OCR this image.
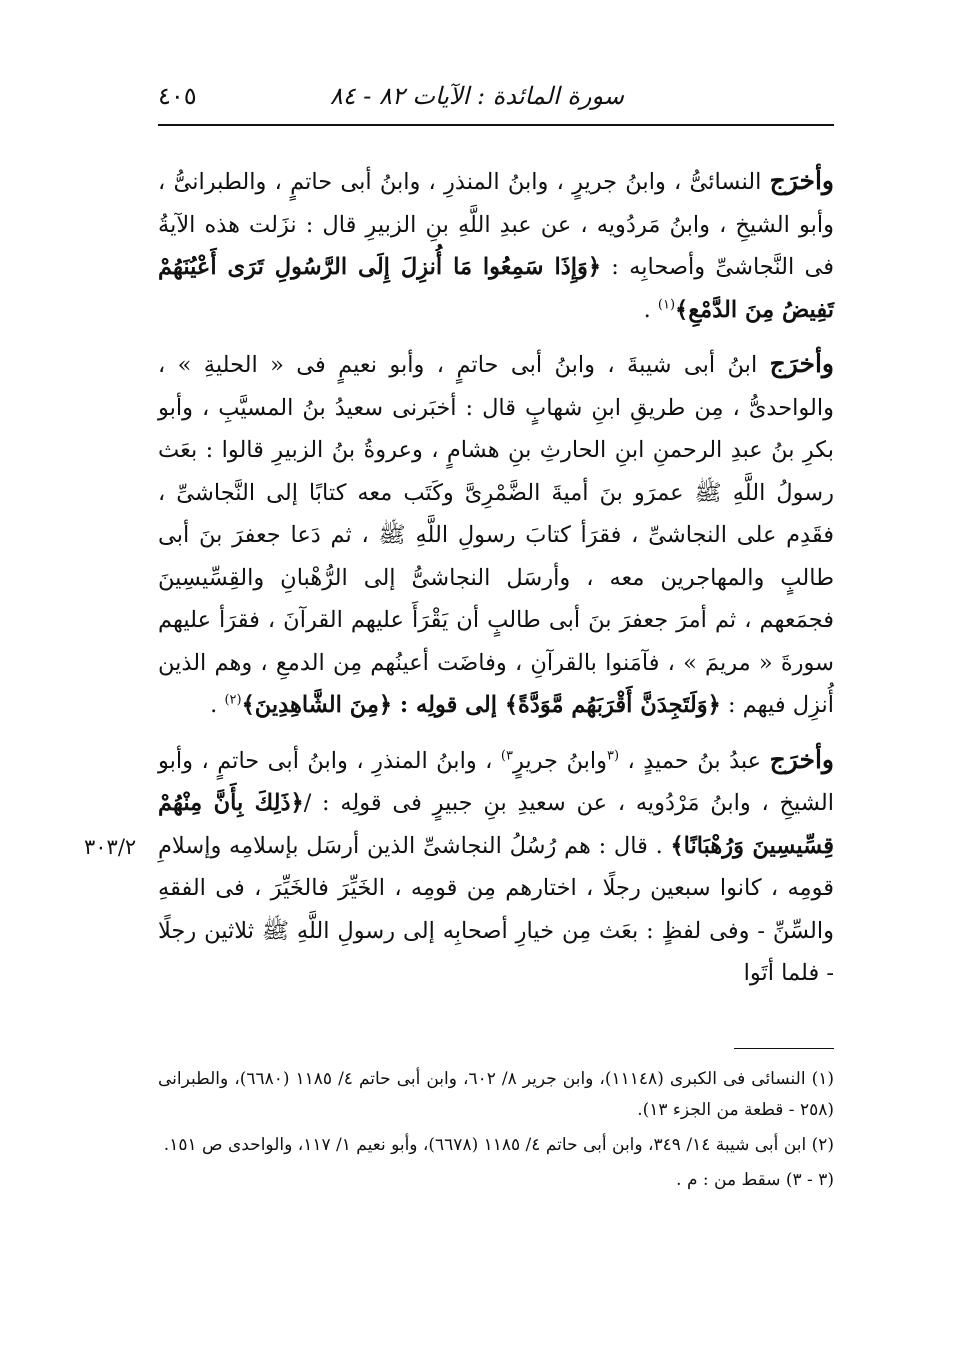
سورة المائدة : الآيات ٨٢ - ٨٤
٤٠٥
٣٠٣/٢

وأخرَج النسائىُّ ، وابنُ جريرٍ ، وابنُ المنذرِ ، وابنُ أبى حاتمٍ ، والطبرانىُّ ، وأبو الشيخِ ، وابنُ مَردُويه ، عن عبدِ اللَّهِ بنِ الزبيرِ قال : نزَلت هذه الآيةُ فى النَّجاشىِّ وأصحابِه : ﴿وَإِذَا سَمِعُوا مَا أُنزِلَ إِلَى الرَّسُولِ تَرَى أَعْيُنَهُمْ تَفِيضُ مِنَ الدَّمْعِ﴾$^{(١)}$ .

وأخرَج ابنُ أبى شيبةَ ، وابنُ أبى حاتمٍ ، وأبو نعيمٍ فى « الحليةِ » ، والواحدىُّ ، مِن طريقِ ابنِ شهابٍ قال : أخبَرنى سعيدُ بنُ المسيَّبِ ، وأبو بكرِ بنُ عبدِ الرحمنِ ابنِ الحارثِ بنِ هشامٍ ، وعروةُ بنُ الزبيرِ قالوا : بعَث رسولُ اللَّهِ ﷺ عمرَو بنَ أميةَ الضَّمْرِىَّ وكَتَب معه كتابًا إلى النَّجاشىِّ ، فقَدِم على النجاشىِّ ، فقرَأ كتابَ رسولِ اللَّهِ ﷺ ، ثم دَعا جعفرَ بنَ أبى طالبٍ والمهاجرين معه ، وأرسَل النجاشىُّ إلى الرُّهْبانِ والقِسِّيسِينَ فجمَعهم ، ثم أمرَ جعفرَ بنَ أبى طالبٍ أن يَقْرَأَ عليهم القرآنَ ، فقرَأ عليهم سورةَ « مريمَ » ، فآمَنوا بالقرآنِ ، وفاضَت أعينُهم مِن الدمعِ ، وهم الذين أُنزِل فيهم : ﴿وَلَتَجِدَنَّ أَقْرَبَهُم مَّوَدَّةً﴾ إلى قولِه : ﴿مِنَ الشَّاهِدِينَ﴾$^{(٢)}$ .

وأخرَج عبدُ بنُ حميدٍ ، $^{(٣}$وابنُ جريرٍ$^{٣)}$ ، وابنُ المنذرِ ، وابنُ أبى حاتمٍ ، وأبو الشيخِ ، وابنُ مَرْدُويه ، عن سعيدِ بنِ جبيرٍ فى قولِه : /﴿ذَلِكَ بِأَنَّ مِنْهُمْ قِسِّيسِينَ وَرُهْبَانًا﴾ . قال : هم رُسُلُ النجاشىِّ الذين أرسَل بإسلامِه وإسلامِ قومِه ، كانوا سبعين رجلًا ، اختارهم مِن قومِه ، الخَيِّرَ فالخَيِّرَ ، فى الفقهِ والسِّنِّ - وفى لفظٍ : بعَث مِن خيارِ أصحابِه إلى رسولِ اللَّهِ ﷺ ثلاثين رجلًا - فلما أتَوا

(١) النسائى فى الكبرى (١١١٤٨)، وابن جرير ٨/ ٦٠٢، وابن أبى حاتم ٤/ ١١٨٥ (٦٦٨٠)، والطبرانى (٢٥٨ - قطعة من الجزء ١٣).

(٢) ابن أبى شيبة ١٤/ ٣٤٩، وابن أبى حاتم ٤/ ١١٨٥ (٦٦٧٨)، وأبو نعيم ١/ ١١٧، والواحدى ص ١٥١.

(٣ - ٣) سقط من : م .
